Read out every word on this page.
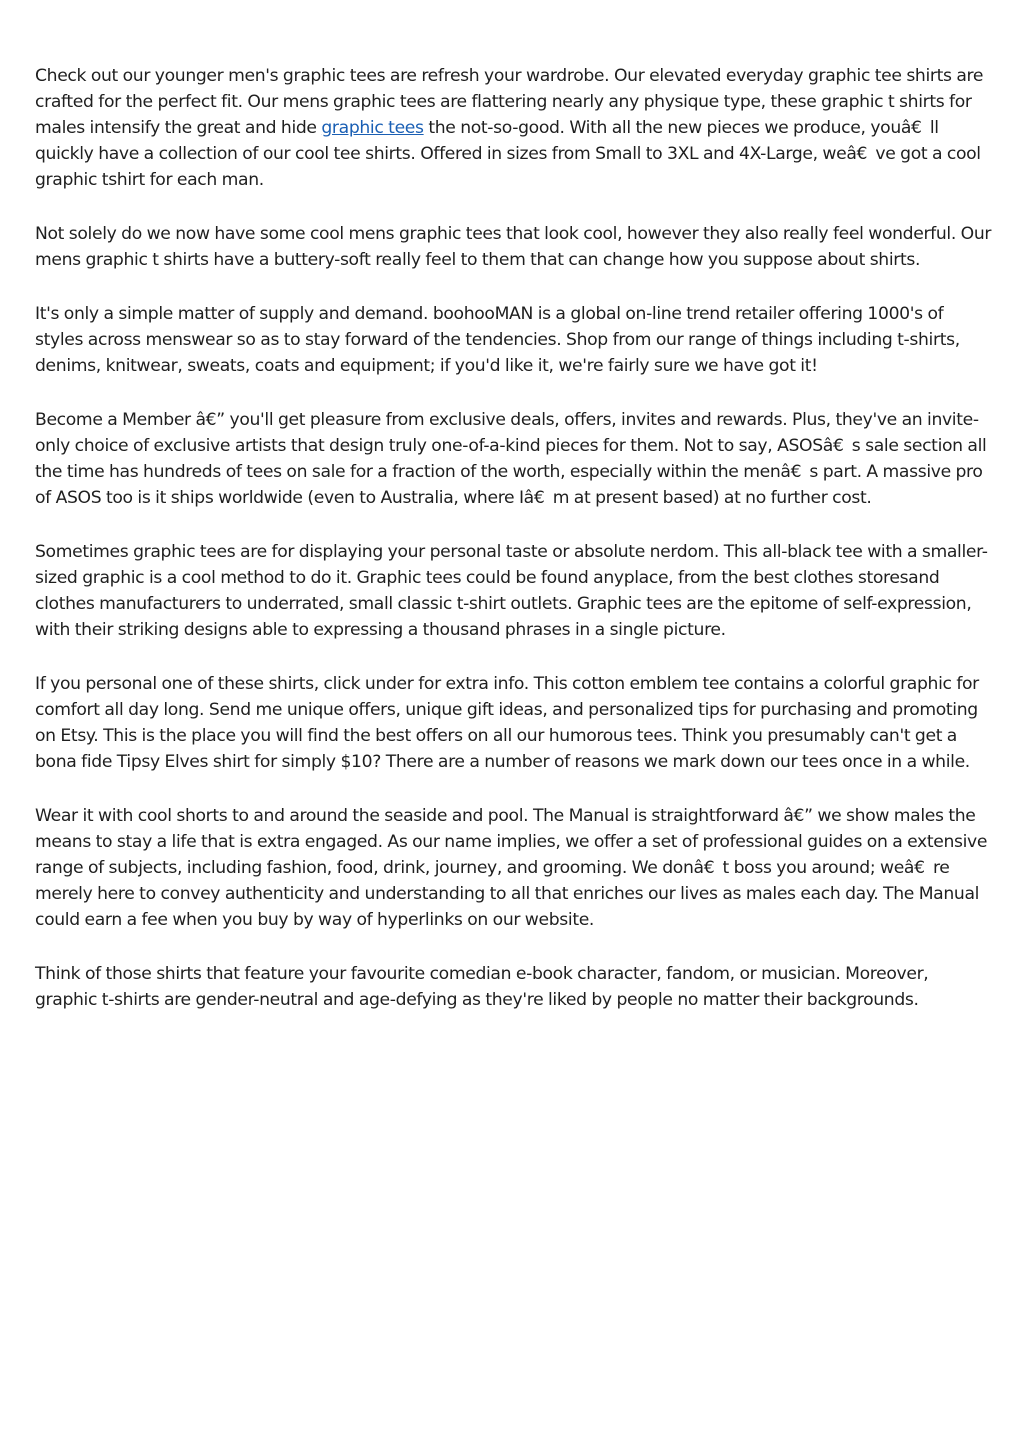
Check out our younger men's graphic tees are refresh your wardrobe. Our elevated everyday graphic tee shirts are crafted for the perfect fit. Our mens graphic tees are flattering nearly any physique type, these graphic t shirts for males intensify the great and hide graphic tees the not-so-good. With all the new pieces we produce, youâ€ ll quickly have a collection of our cool tee shirts. Offered in sizes from Small to 3XL and 4X-Large, weâ€ ve got a cool graphic tshirt for each man.

Not solely do we now have some cool mens graphic tees that look cool, however they also really feel wonderful. Our mens graphic t shirts have a buttery-soft really feel to them that can change how you suppose about shirts.

It's only a simple matter of supply and demand. boohooMAN is a global on-line trend retailer offering 1000's of styles across menswear so as to stay forward of the tendencies. Shop from our range of things including t-shirts, denims, knitwear, sweats, coats and equipment; if you'd like it, we're fairly sure we have got it!

Become a Member â€” you'll get pleasure from exclusive deals, offers, invites and rewards. Plus, they've an invite-only choice of exclusive artists that design truly one-of-a-kind pieces for them. Not to say, ASOSâ€ s sale section all the time has hundreds of tees on sale for a fraction of the worth, especially within the menâ€ s part. A massive pro of ASOS too is it ships worldwide (even to Australia, where Iâ€ m at present based) at no further cost.

Sometimes graphic tees are for displaying your personal taste or absolute nerdom. This all-black tee with a smaller-sized graphic is a cool method to do it. Graphic tees could be found anyplace, from the best clothes storesand clothes manufacturers to underrated, small classic t-shirt outlets. Graphic tees are the epitome of self-expression, with their striking designs able to expressing a thousand phrases in a single picture.

If you personal one of these shirts, click under for extra info. This cotton emblem tee contains a colorful graphic for comfort all day long. Send me unique offers, unique gift ideas, and personalized tips for purchasing and promoting on Etsy. This is the place you will find the best offers on all our humorous tees. Think you presumably can't get a bona fide Tipsy Elves shirt for simply $10? There are a number of reasons we mark down our tees once in a while.

Wear it with cool shorts to and around the seaside and pool. The Manual is straightforward â€” we show males the means to stay a life that is extra engaged. As our name implies, we offer a set of professional guides on a extensive range of subjects, including fashion, food, drink, journey, and grooming. We donâ€ t boss you around; weâ€ re merely here to convey authenticity and understanding to all that enriches our lives as males each day. The Manual could earn a fee when you buy by way of hyperlinks on our website.

Think of those shirts that feature your favourite comedian e-book character, fandom, or musician. Moreover, graphic t-shirts are gender-neutral and age-defying as they're liked by people no matter their backgrounds.
